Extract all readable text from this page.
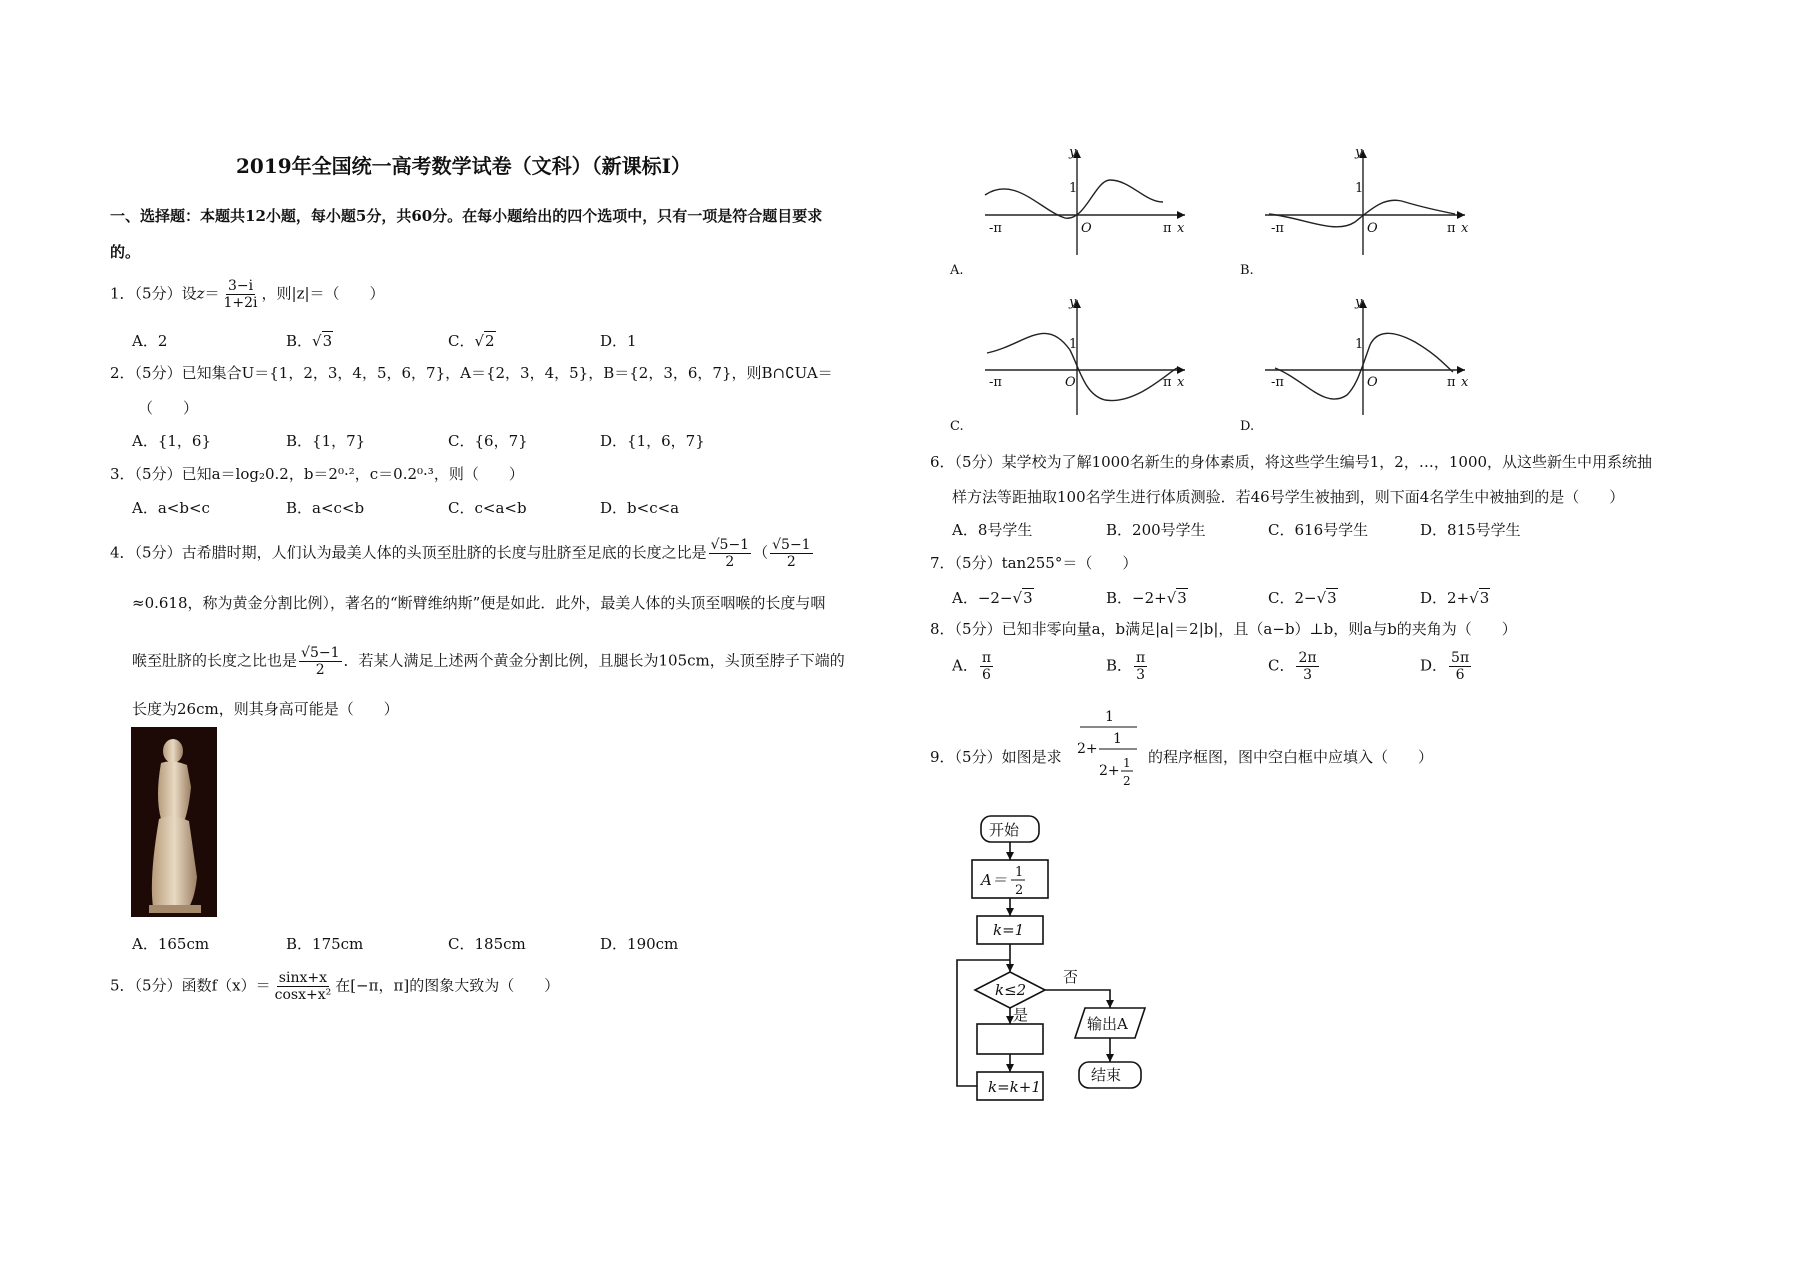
2019年全国统一高考数学试卷（文科）（新课标Ⅰ）
一、选择题：本题共12小题，每小题5分，共60分。在每小题给出的四个选项中，只有一项是符合题目要求
的。
1．（5分）设$z= \frac{3-i}{1+2i}$ ，则|z|＝（　　）
A．2	B．√3	C．√2	D．1
2．（5分）已知集合U＝{1，2，3，4，5，6，7}，A＝{2，3，4，5}，B＝{2，3，6，7}，则B∩∁UA＝
（　　）
A．{1，6}	B．{1，7}	C．{6，7}	D．{1，6，7}
3．（5分）已知a＝log₂0.2，b＝2⁰·²，c＝0.2⁰·³，则（　　）
A．a<b<c	B．a<c<b	C．c<a<b	D．b<c<a
4．（5分）古希腊时期，人们认为最美人体的头顶至肚脐的长度与肚脐至足底的长度之比是 $\frac{√5-1}{2}$ （ $\frac{√5-1}{2}$
≈0.618，称为黄金分割比例），著名的“断臂维纳斯”便是如此．此外，最美人体的头顶至咽喉的长度与咽
喉至肚脐的长度之比也是 $\frac{√5-1}{2}$ ．若某人满足上述两个黄金分割比例，且腿长为105cm，头顶至脖子下端的
长度为26cm，则其身高可能是（　　）
A．165cm	B．175cm	C．185cm	D．190cm
5．（5分）函数$f(x)= \frac{\sin x+x}{\text{cosx+x²}}$ 在[−π，π]的图象大致为（　　）
y
1
O
-π	π x
A.
y
1
O
-π	π x
B.
y
1
O
-π	π x
C.
y
1
O
-π	π x
D.
6．（5分）某学校为了解1000名新生的身体素质，将这些学生编号1，2，…，1000，从这些新生中用系统抽
样方法等距抽取100名学生进行体质测验．若46号学生被抽到，则下面4名学生中被抽到的是（　　）
A．8号学生	B．200号学生	C．616号学生	D．815号学生
7．（5分）tan255°＝（　　）
A．−2−√3	B．−2+√3	C．2−√3	D．2+√3
8．（5分）已知非零向量a，b满足|a|＝2|b|，且（a−b）⊥b，则a与b的夹角为（　　）
A． $\frac{\pi}{6}$	B． $\frac{\pi}{3}$	C． $\frac{2\pi}{3}$	D． $\frac{5\pi}{6}$
9．（5分）如图是求
1
2+
1
2+ 1
2
的程序框图，图中空白框中应填入（　　）
开始
A＝ 1
2
k=1
k≤2
否
是	输出A
k=k+1
结束
